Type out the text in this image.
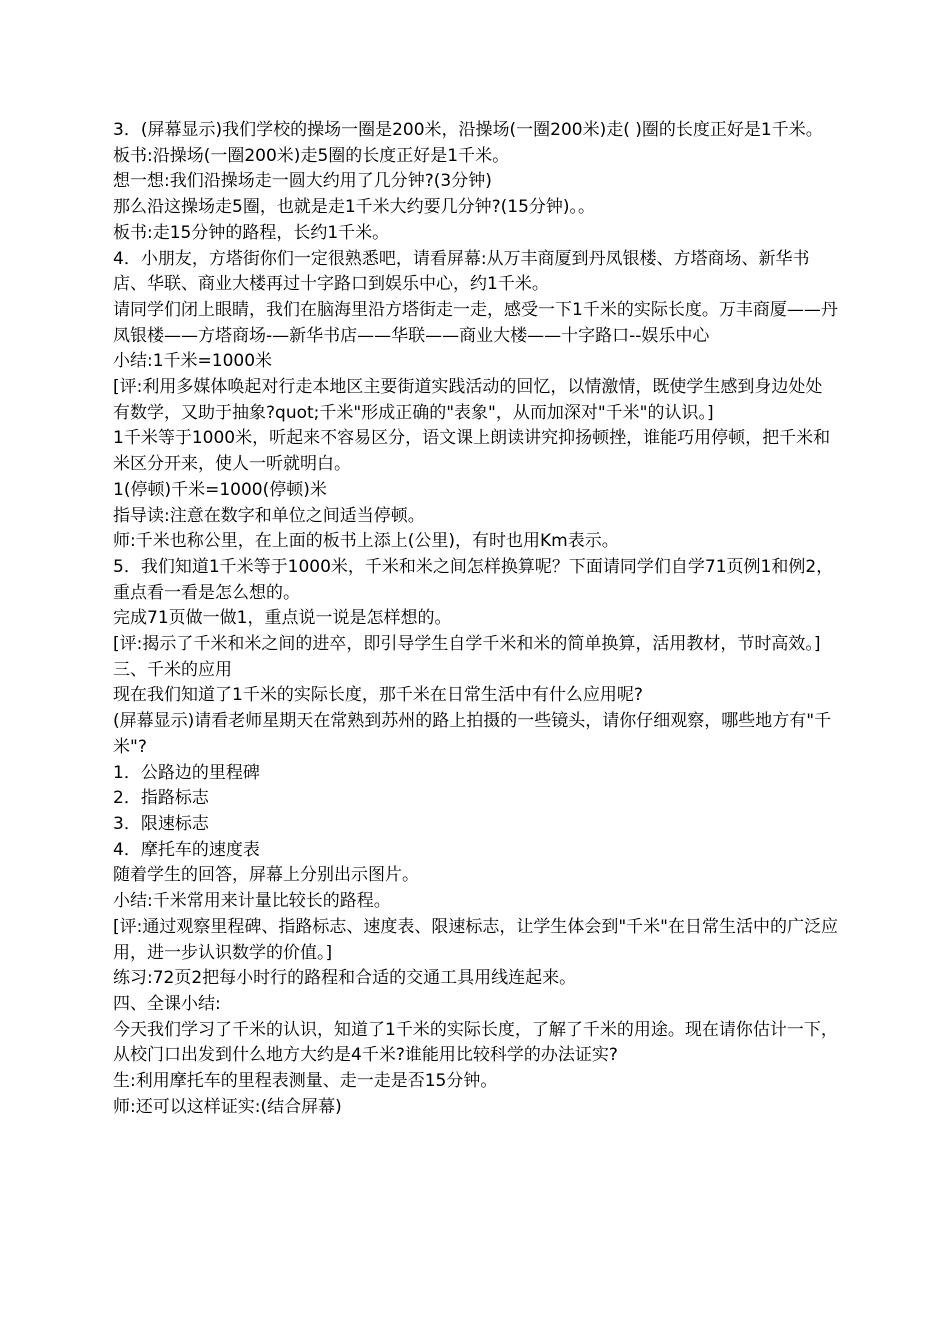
3．(屏幕显示)我们学校的操场一圈是200米，沿操场(一圈200米)走( )圈的长度正好是1千米。

板书:沿操场(一圈200米)走5圈的长度正好是1千米。

想一想:我们沿操场走一圆大约用了几分钟?(3分钟)

那么沿这操场走5圈，也就是走1千米大约要几分钟?(15分钟)。。

板书:走15分钟的路程，长约1千米。

4．小朋友，方塔街你们一定很熟悉吧，请看屏幕:从万丰商厦到丹凤银楼、方塔商场、新华书店、华联、商业大楼再过十字路口到娱乐中心，约1千米。

请同学们闭上眼睛，我们在脑海里沿方塔街走一走，感受一下1千米的实际长度。万丰商厦——丹凤银楼——方塔商场-—新华书店——华联——商业大楼——十字路口--娱乐中心

小结:1千米=1000米

[评:利用多媒体唤起对行走本地区主要街道实践活动的回忆，以情激情，既使学生感到身边处处有数学，又助于抽象?quot;千米"形成正确的"表象"，从而加深对"千米"的认识。]

1千米等于1000米，听起来不容易区分，语文课上朗读讲究抑扬顿挫，谁能巧用停顿，把千米和米区分开来，使人一听就明白。

1(停顿)千米=1000(停顿)米

指导读:注意在数字和单位之间适当停顿。

师:千米也称公里，在上面的板书上添上(公里)，有时也用Km表示。

5．我们知道1千米等于1000米，千米和米之间怎样换算呢？下面请同学们自学71页例1和例2，重点看一看是怎么想的。

完成71页做一做1，重点说一说是怎样想的。

[评:揭示了千米和米之间的进卒，即引导学生自学千米和米的简单换算，活用教材，节时高效。]

三、千米的应用

现在我们知道了1千米的实际长度，那千米在日常生活中有什么应用呢?

(屏幕显示)请看老师星期天在常熟到苏州的路上拍摄的一些镜头，请你仔细观察，哪些地方有"千米"?

1．公路边的里程碑

2．指路标志

3．限速标志

4．摩托车的速度表

随着学生的回答，屏幕上分别出示图片。

小结:千米常用来计量比较长的路程。

[评:通过观察里程碑、指路标志、速度表、限速标志，让学生体会到"千米"在日常生活中的广泛应用，进一步认识数学的价值。]

练习:72页2把每小时行的路程和合适的交通工具用线连起来。

四、全课小结:

今天我们学习了千米的认识，知道了1千米的实际长度，了解了千米的用途。现在请你估计一下，从校门口出发到什么地方大约是4千米?谁能用比较科学的办法证实?

生:利用摩托车的里程表测量、走一走是否15分钟。

师:还可以这样证实:(结合屏幕)
